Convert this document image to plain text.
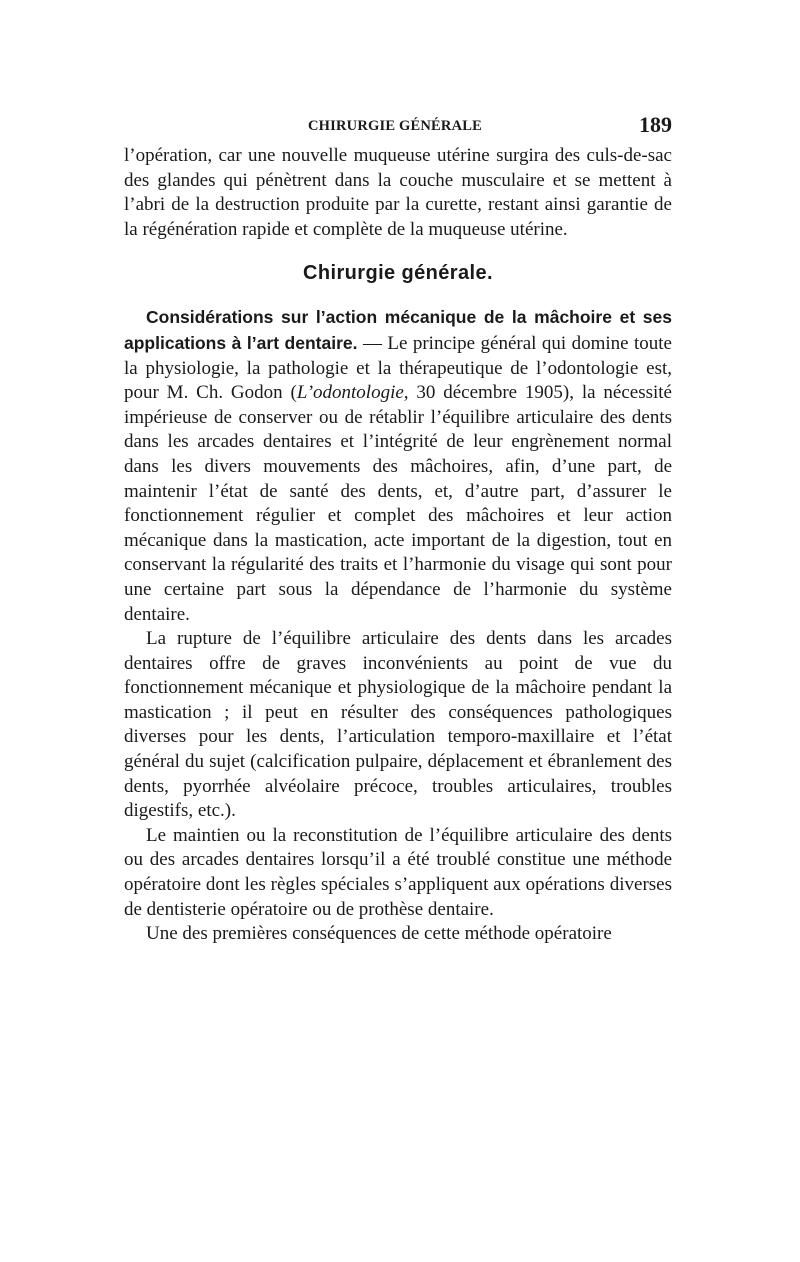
CHIRURGIE GÉNÉRALE	189

l’opération, car une nouvelle muqueuse utérine surgira des culs-de-sac des glandes qui pénètrent dans la couche musculaire et se mettent à l’abri de la destruction produite par la curette, restant ainsi garantie de la régénération rapide et complète de la muqueuse utérine.

Chirurgie générale.

Considérations sur l’action mécanique de la mâchoire et ses applications à l’art dentaire. — Le principe général qui domine toute la physiologie, la pathologie et la thérapeutique de l’odontologie est, pour M. Ch. Godon (L’odontologie, 30 décembre 1905), la nécessité impérieuse de conserver ou de rétablir l’équilibre articulaire des dents dans les arcades dentaires et l’intégrité de leur engrènement normal dans les divers mouvements des mâchoires, afin, d’une part, de maintenir l’état de santé des dents, et, d’autre part, d’assurer le fonctionnement régulier et complet des mâchoires et leur action mécanique dans la mastication, acte important de la digestion, tout en conservant la régularité des traits et l’harmonie du visage qui sont pour une certaine part sous la dépendance de l’harmonie du système dentaire.

La rupture de l’équilibre articulaire des dents dans les arcades dentaires offre de graves inconvénients au point de vue du fonctionnement mécanique et physiologique de la mâchoire pendant la mastication ; il peut en résulter des conséquences pathologiques diverses pour les dents, l’articulation temporo-maxillaire et l’état général du sujet (calcification pulpaire, déplacement et ébranlement des dents, pyorrhée alvéolaire précoce, troubles articulaires, troubles digestifs, etc.).

Le maintien ou la reconstitution de l’équilibre articulaire des dents ou des arcades dentaires lorsqu’il a été troublé constitue une méthode opératoire dont les règles spéciales s’appliquent aux opérations diverses de dentisterie opératoire ou de prothèse dentaire.

Une des premières conséquences de cette méthode opératoire
